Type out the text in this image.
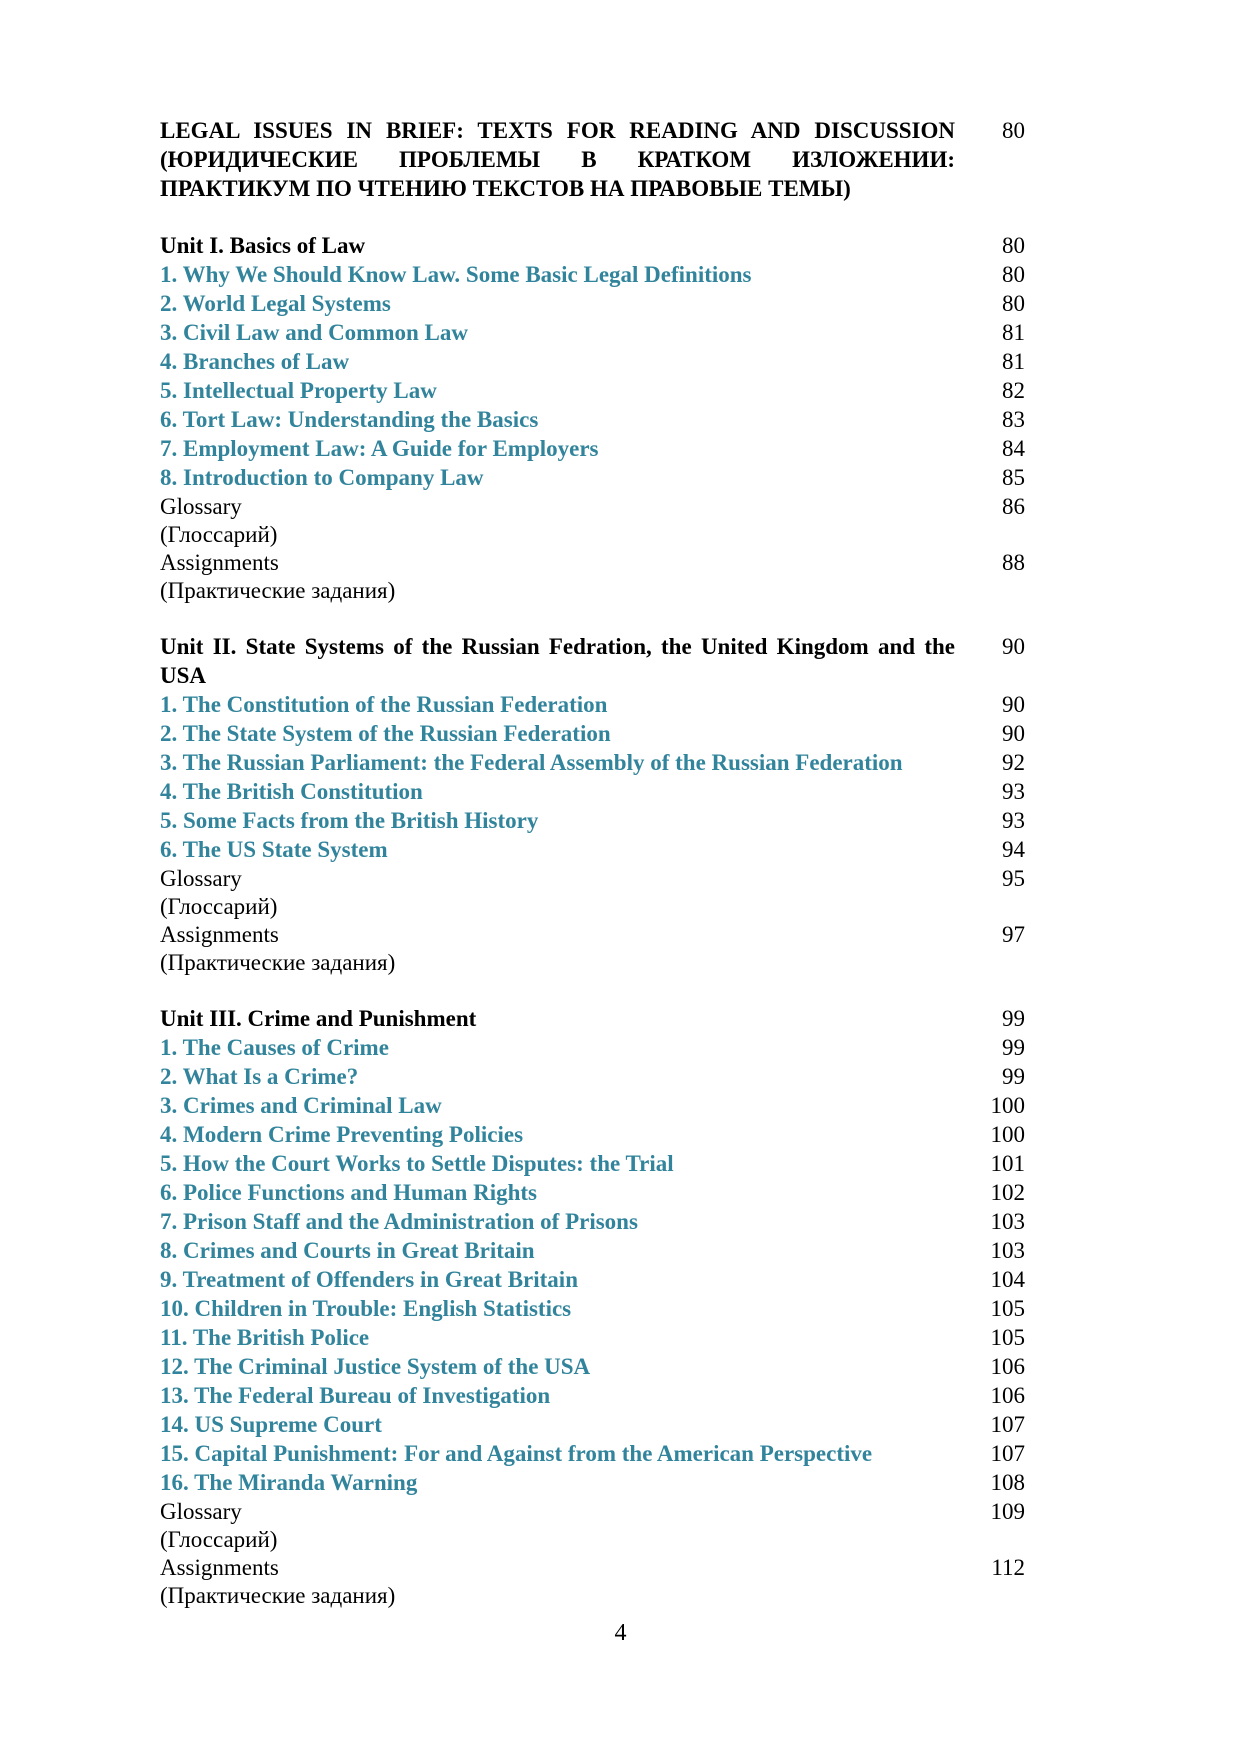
LEGAL ISSUES IN BRIEF: TEXTS FOR READING AND DISCUSSION
(ЮРИДИЧЕСКИЕ ПРОБЛЕМЫ В КРАТКОМ ИЗЛОЖЕНИИ:
ПРАКТИКУМ ПО ЧТЕНИЮ ТЕКСТОВ НА ПРАВОВЫЕ ТЕМЫ)
80
Unit I. Basics of Law	80
1. Why We Should Know Law. Some Basic Legal Definitions	80
2. World Legal Systems	80
3. Civil Law and Common Law	81
4. Branches of Law	81
5. Intellectual Property Law	82
6. Tort Law: Understanding the Basics	83
7. Employment Law: A Guide for Employers	84
8. Introduction to Company Law	85
Glossary	86
(Глоссарий)
Assignments	88
(Практические задания)
Unit II. State Systems of the Russian Fedration, the United Kingdom and the USA
90
1. The Constitution of the Russian Federation	90
2. The State System of the Russian Federation	90
3. The Russian Parliament: the Federal Assembly of the Russian Federation	92
4. The British Constitution	93
5. Some Facts from the British History	93
6. The US State System	94
Glossary	95
(Глоссарий)
Assignments	97
(Практические задания)
Unit III. Crime and Punishment	99
1. The Causes of Crime	99
2. What Is a Crime?	99
3. Crimes and Criminal Law	100
4. Modern Crime Preventing Policies	100
5. How the Court Works to Settle Disputes: the Trial	101
6. Police Functions and Human Rights	102
7. Prison Staff and the Administration of Prisons	103
8. Crimes and Courts in Great Britain	103
9. Treatment of Offenders in Great Britain	104
10. Children in Trouble: English Statistics	105
11. The British Police	105
12. The Criminal Justice System of the USA	106
13. The Federal Bureau of Investigation	106
14. US Supreme Court	107
15. Capital Punishment: For and Against from the American Perspective	107
16. The Miranda Warning	108
Glossary	109
(Глоссарий)
Assignments	112
(Практические задания)
4
